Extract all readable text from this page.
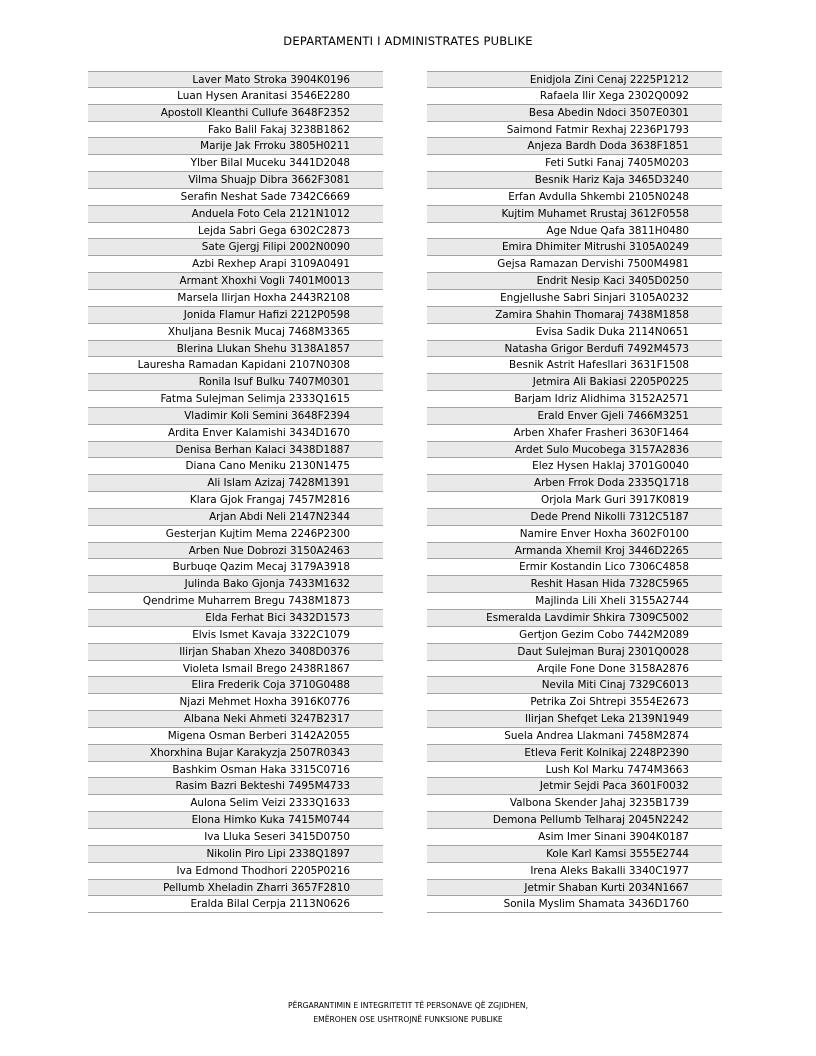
DEPARTAMENTI I ADMINISTRATES PUBLIKE
Laver Mato Stroka 3904K0196
Luan Hysen Aranitasi 3546E2280
Apostoll Kleanthi Cullufe 3648F2352
Fako Balil Fakaj 3238B1862
Marije Jak Frroku 3805H0211
Ylber Bilal Muceku 3441D2048
Vilma Shuajp Dibra 3662F3081
Serafin Neshat Sade 7342C6669
Anduela Foto Cela 2121N1012
Lejda Sabri Gega 6302C2873
Sate Gjergj Filipi 2002N0090
Azbi Rexhep Arapi 3109A0491
Armant Xhoxhi Vogli 7401M0013
Marsela Ilirjan Hoxha 2443R2108
Jonida Flamur Hafizi 2212P0598
Xhuljana Besnik Mucaj 7468M3365
Blerina Llukan Shehu 3138A1857
Lauresha Ramadan Kapidani 2107N0308
Ronila Isuf Bulku 7407M0301
Fatma Sulejman Selimja 2333Q1615
Vladimir Koli Semini 3648F2394
Ardita Enver Kalamishi 3434D1670
Denisa Berhan Kalaci 3438D1887
Diana Cano Meniku 2130N1475
Ali Islam Azizaj 7428M1391
Klara Gjok Frangaj 7457M2816
Arjan Abdi Neli 2147N2344
Gesterjan Kujtim Mema 2246P2300
Arben Nue Dobrozi 3150A2463
Burbuqe Qazim Mecaj 3179A3918
Julinda Bako Gjonja 7433M1632
Qendrime Muharrem Bregu 7438M1873
Elda Ferhat Bici 3432D1573
Elvis Ismet Kavaja 3322C1079
Ilirjan Shaban Xhezo 3408D0376
Violeta Ismail Brego 2438R1867
Elira Frederik Coja 3710G0488
Njazi Mehmet Hoxha 3916K0776
Albana Neki Ahmeti 3247B2317
Migena Osman Berberi 3142A2055
Xhorxhina Bujar Karakyzja 2507R0343
Bashkim Osman Haka 3315C0716
Rasim Bazri Bekteshi 7495M4733
Aulona Selim Veizi 2333Q1633
Elona Himko Kuka 7415M0744
Iva Lluka Seseri 3415D0750
Nikolin Piro Lipi 2338Q1897
Iva Edmond Thodhori 2205P0216
Pellumb Xheladin Zharri 3657F2810
Eralda Bilal Cerpja 2113N0626
Enidjola Zini Cenaj 2225P1212
Rafaela Ilir Xega 2302Q0092
Besa Abedin Ndoci 3507E0301
Saimond Fatmir Rexhaj 2236P1793
Anjeza Bardh Doda 3638F1851
Feti Sutki Fanaj 7405M0203
Besnik Hariz Kaja 3465D3240
Erfan Avdulla Shkembi 2105N0248
Kujtim Muhamet Rrustaj 3612F0558
Age Ndue Qafa 3811H0480
Emira Dhimiter Mitrushi 3105A0249
Gejsa Ramazan Dervishi 7500M4981
Endrit Nesip Kaci 3405D0250
Engjellushe Sabri Sinjari 3105A0232
Zamira Shahin Thomaraj 7438M1858
Evisa Sadik Duka 2114N0651
Natasha Grigor Berdufi 7492M4573
Besnik Astrit Hafesllari 3631F1508
Jetmira Ali Bakiasi 2205P0225
Barjam Idriz Alidhima 3152A2571
Erald Enver Gjeli 7466M3251
Arben Xhafer Frasheri 3630F1464
Ardet Sulo Mucobega 3157A2836
Elez Hysen Haklaj 3701G0040
Arben Frrok Doda 2335Q1718
Orjola Mark Guri 3917K0819
Dede Prend Nikolli 7312C5187
Namire Enver Hoxha 3602F0100
Armanda Xhemil Kroj 3446D2265
Ermir Kostandin Lico 7306C4858
Reshit Hasan Hida 7328C5965
Majlinda Lili Xheli 3155A2744
Esmeralda Lavdimir Shkira 7309C5002
Gertjon Gezim Cobo 7442M2089
Daut Sulejman Buraj 2301Q0028
Arqile Fone Done 3158A2876
Nevila Miti Cinaj 7329C6013
Petrika Zoi Shtrepi 3554E2673
Ilirjan Shefqet Leka 2139N1949
Suela Andrea Llakmani 7458M2874
Etleva Ferit Kolnikaj 2248P2390
Lush Kol Marku 7474M3663
Jetmir Sejdi Paca 3601F0032
Valbona Skender Jahaj 3235B1739
Demona Pellumb Telharaj 2045N2242
Asim Imer Sinani 3904K0187
Kole Karl Kamsi 3555E2744
Irena Aleks Bakalli 3340C1977
Jetmir Shaban Kurti 2034N1667
Sonila Myslim Shamata 3436D1760
PËRGARANTIMIN E INTEGRITETIT TË PERSONAVE QË ZGJIDHEN,
EMËROHEN OSE USHTROJNË FUNKSIONE PUBLIKE
